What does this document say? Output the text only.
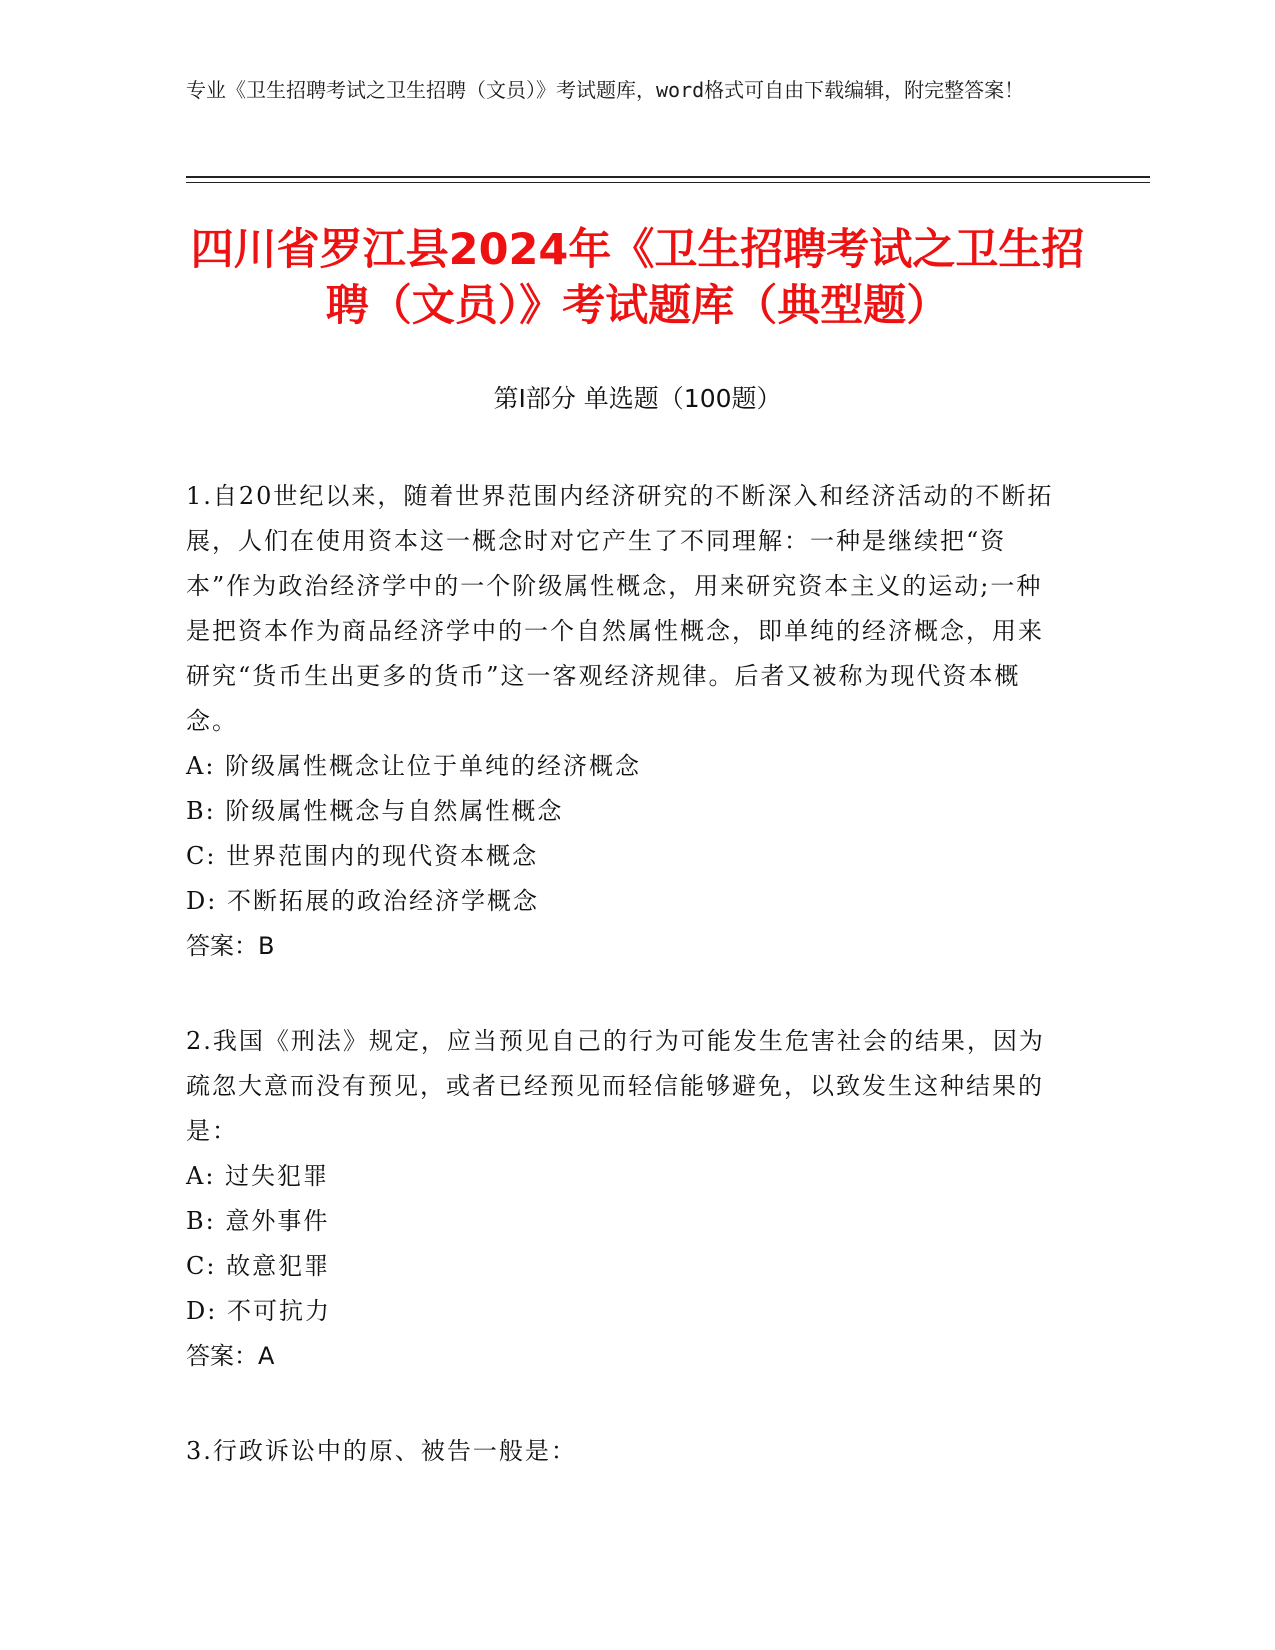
专业《卫生招聘考试之卫生招聘（文员）》考试题库，word格式可自由下载编辑，附完整答案！
四川省罗江县2024年《卫生招聘考试之卫生招聘（文员）》考试题库（典型题）
第Ⅰ部分 单选题（100题）

1.自20世纪以来，随着世界范围内经济研究的不断深入和经济活动的不断拓展，人们在使用资本这一概念时对它产生了不同理解：一种是继续把“资本”作为政治经济学中的一个阶级属性概念，用来研究资本主义的运动;一种是把资本作为商品经济学中的一个自然属性概念，即单纯的经济概念，用来研究“货币生出更多的货币”这一客观经济规律。后者又被称为现代资本概念。

A: 阶级属性概念让位于单纯的经济概念

B: 阶级属性概念与自然属性概念

C: 世界范围内的现代资本概念

D: 不断拓展的政治经济学概念

答案：B

2.我国《刑法》规定，应当预见自己的行为可能发生危害社会的结果，因为疏忽大意而没有预见，或者已经预见而轻信能够避免，以致发生这种结果的是：

A: 过失犯罪

B: 意外事件

C: 故意犯罪

D: 不可抗力

答案：A

3.行政诉讼中的原、被告一般是：
